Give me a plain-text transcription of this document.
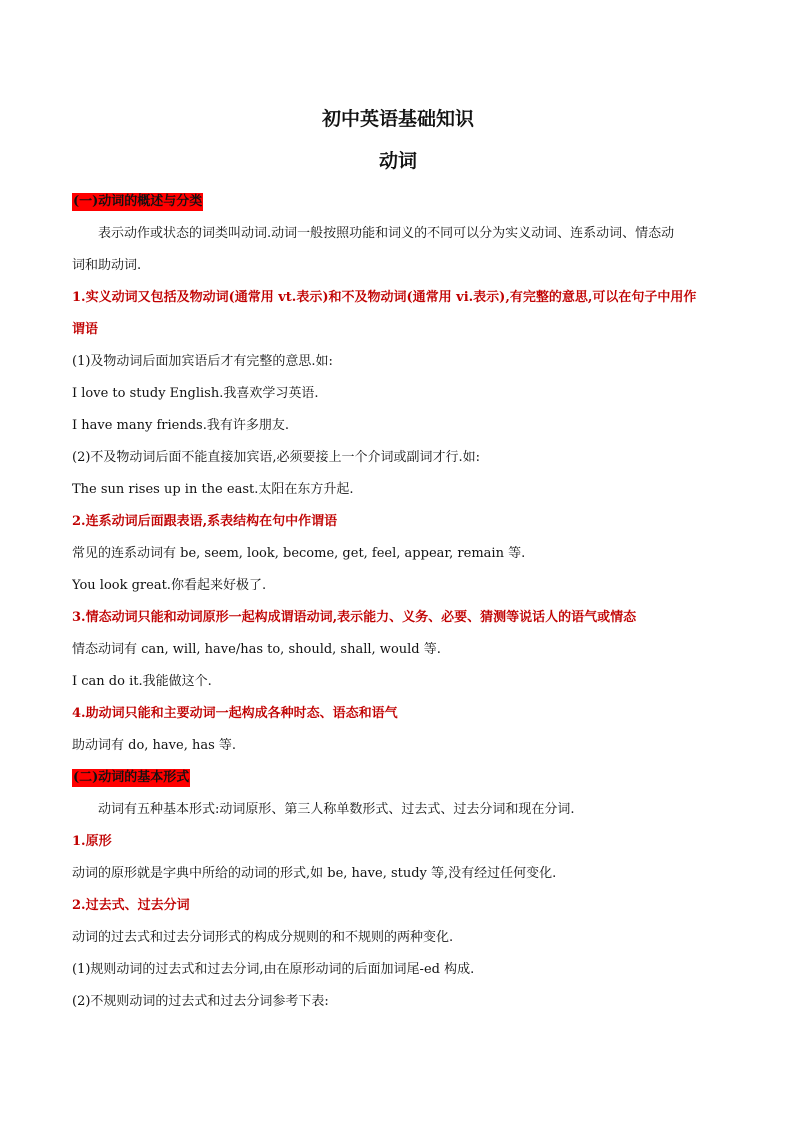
初中英语基础知识
动词
(一)动词的概述与分类
表示动作或状态的词类叫动词.动词一般按照功能和词义的不同可以分为实义动词、连系动词、情态动
词和助动词.
1.实义动词又包括及物动词(通常用 vt.表示)和不及物动词(通常用 vi.表示),有完整的意思,可以在句子中用作
谓语
(1)及物动词后面加宾语后才有完整的意思.如:
I love to study English.我喜欢学习英语.
I have many friends.我有许多朋友.
(2)不及物动词后面不能直接加宾语,必须要接上一个介词或副词才行.如:
The sun rises up in the east.太阳在东方升起.
2.连系动词后面跟表语,系表结构在句中作谓语
常见的连系动词有 be, seem, look, become, get, feel, appear, remain 等.
You look great.你看起来好极了.
3.情态动词只能和动词原形一起构成谓语动词,表示能力、义务、必要、猜测等说话人的语气或情态
情态动词有 can, will, have/has to, should, shall, would 等.
I can do it.我能做这个.
4.助动词只能和主要动词一起构成各种时态、语态和语气
助动词有 do, have, has 等.
(二)动词的基本形式
动词有五种基本形式:动词原形、第三人称单数形式、过去式、过去分词和现在分词.
1.原形
动词的原形就是字典中所给的动词的形式,如 be, have, study 等,没有经过任何变化.
2.过去式、过去分词
动词的过去式和过去分词形式的构成分规则的和不规则的两种变化.
(1)规则动词的过去式和过去分词,由在原形动词的后面加词尾-ed 构成.
(2)不规则动词的过去式和过去分词参考下表:
